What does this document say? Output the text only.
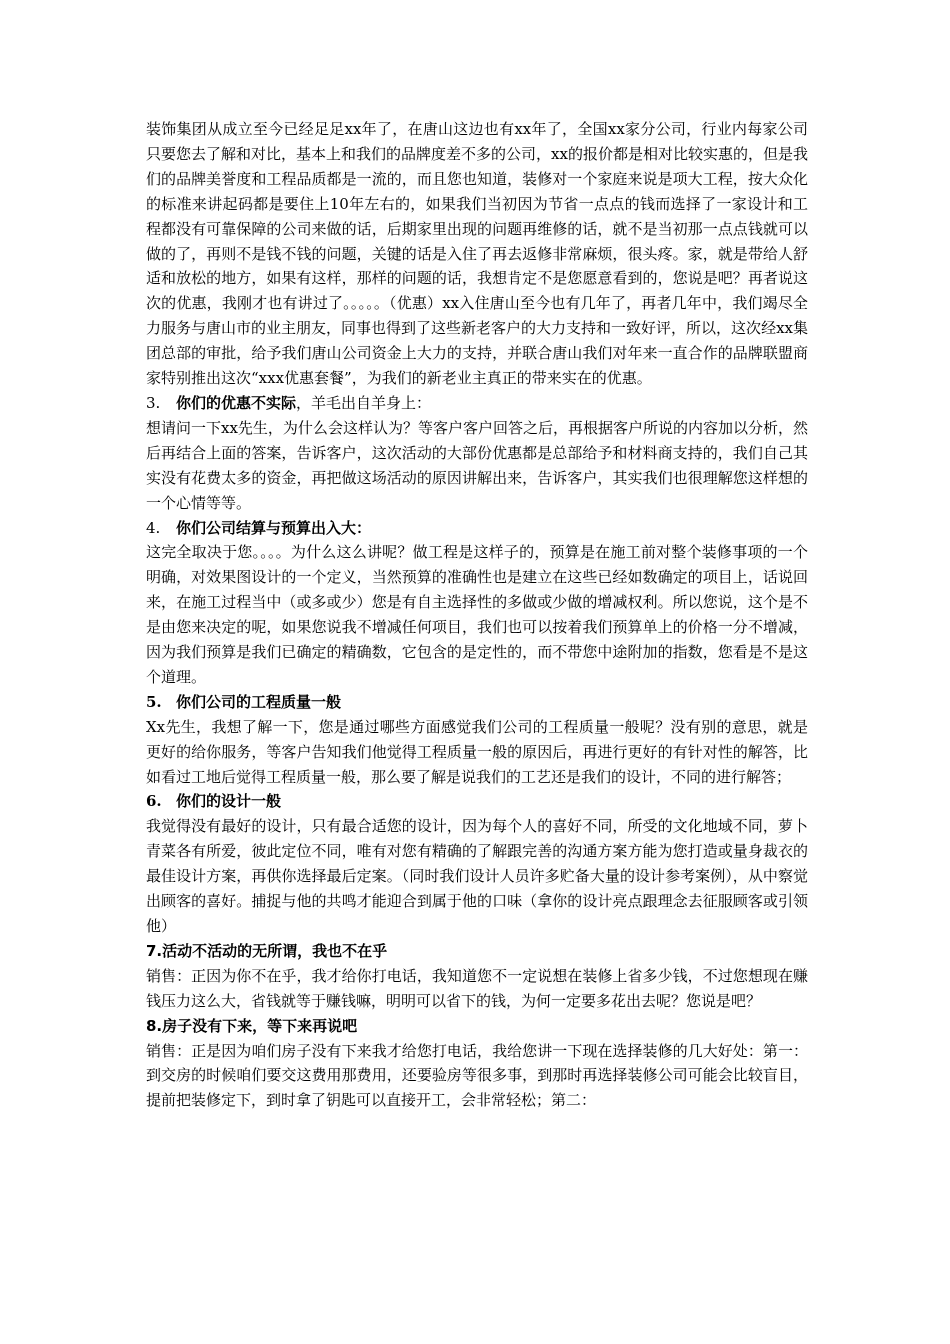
装饰集团从成立至今已经足足xx年了，在唐山这边也有xx年了，全国xx家分公司，行业内每家公司只要您去了解和对比，基本上和我们的品牌度差不多的公司，xx的报价都是相对比较实惠的，但是我们的品牌美誉度和工程品质都是一流的，而且您也知道，装修对一个家庭来说是项大工程，按大众化的标准来讲起码都是要住上10年左右的，如果我们当初因为节省一点点的钱而选择了一家设计和工程都没有可靠保障的公司来做的话，后期家里出现的问题再维修的话，就不是当初那一点点钱就可以做的了，再则不是钱不钱的问题，关键的话是入住了再去返修非常麻烦，很头疼。家，就是带给人舒适和放松的地方，如果有这样，那样的问题的话，我想肯定不是您愿意看到的，您说是吧？再者说这次的优惠，我刚才也有讲过了。。。。。（优惠）xx入住唐山至今也有几年了，再者几年中，我们竭尽全力服务与唐山市的业主朋友，同事也得到了这些新老客户的大力支持和一致好评，所以，这次经xx集团总部的审批，给予我们唐山公司资金上大力的支持，并联合唐山我们对年来一直合作的品牌联盟商家特别推出这次“xxx优惠套餐”，为我们的新老业主真正的带来实在的优惠。

3. 你们的优惠不实际，羊毛出自羊身上：

想请问一下xx先生，为什么会这样认为？等客户客户回答之后，再根据客户所说的内容加以分析，然后再结合上面的答案，告诉客户，这次活动的大部份优惠都是总部给予和材料商支持的，我们自己其实没有花费太多的资金，再把做这场活动的原因讲解出来，告诉客户，其实我们也很理解您这样想的一个心情等等。

4. 你们公司结算与预算出入大：

这完全取决于您。。。。为什么这么讲呢？做工程是这样子的，预算是在施工前对整个装修事项的一个明确，对效果图设计的一个定义，当然预算的准确性也是建立在这些已经如数确定的项目上，话说回来，在施工过程当中（或多或少）您是有自主选择性的多做或少做的增减权利。所以您说，这个是不是由您来决定的呢，如果您说我不增减任何项目，我们也可以按着我们预算单上的价格一分不增减，因为我们预算是我们已确定的精确数，它包含的是定性的，而不带您中途附加的指数，您看是不是这个道理。

5. 你们公司的工程质量一般

Xx先生，我想了解一下，您是通过哪些方面感觉我们公司的工程质量一般呢？没有别的意思，就是更好的给你服务，等客户告知我们他觉得工程质量一般的原因后，再进行更好的有针对性的解答，比如看过工地后觉得工程质量一般，那么要了解是说我们的工艺还是我们的设计，不同的进行解答；

6. 你们的设计一般

我觉得没有最好的设计，只有最合适您的设计，因为每个人的喜好不同，所受的文化地域不同，萝卜青菜各有所爱，彼此定位不同，唯有对您有精确的了解跟完善的沟通方案方能为您打造或量身裁衣的最佳设计方案，再供你选择最后定案。（同时我们设计人员许多贮备大量的设计参考案例），从中察觉出顾客的喜好。捕捉与他的共鸣才能迎合到属于他的口味（拿你的设计亮点跟理念去征服顾客或引领他）

7.活动不活动的无所谓，我也不在乎

销售：正因为你不在乎，我才给你打电话，我知道您不一定说想在装修上省多少钱，不过您想现在赚钱压力这么大，省钱就等于赚钱嘛，明明可以省下的钱，为何一定要多花出去呢？您说是吧？

8.房子没有下来，等下来再说吧

销售：正是因为咱们房子没有下来我才给您打电话，我给您讲一下现在选择装修的几大好处：第一：到交房的时候咱们要交这费用那费用，还要验房等很多事，到那时再选择装修公司可能会比较盲目，提前把装修定下，到时拿了钥匙可以直接开工，会非常轻松；第二：
